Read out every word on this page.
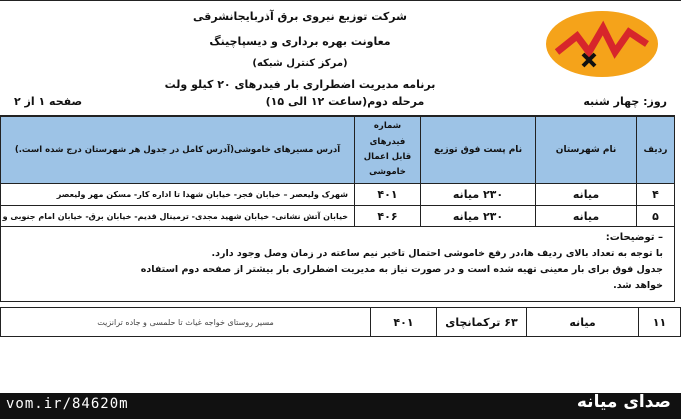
شرکت توزیع نیروی برق آذربایجانشرقی
معاونت بهره برداری و دیسپاچینگ
(مرکز کنترل شبکه)
برنامه مدیریت اضطراری بار فیدرهای ۲۰ کیلو ولت
روز: چهار شنبه
مرحله دوم(ساعت ۱۲ الی ۱۵)
صفحه ۱ از ۲
ردیف
نام شهرستان
نام پست فوق توزیع
شماره فیدرهای
قابل اعمال
خاموشی
آدرس مسیرهای خاموشی(آدرس کامل در جدول هر شهرستان درج شده است.)
۴
میانه
۲۳۰ میانه
۴۰۱
شهرک ولیعصر – خیابان فجر- خیابان شهدا تا اداره کار- مسکن مهر ولیعصر
۵
میانه
۲۳۰ میانه
۴۰۶
خیابان آتش نشانی- خیابان شهید مجدی- ترمینال قدیم- خیابان برق- خیابان امام جنوبی و
– توضیحات:
با توجه به تعداد بالای ردیف ها،در رفع خاموشی احتمال تاخیر نیم ساعته در زمان وصل وجود دارد.
جدول فوق برای بار معینی تهیه شده است و در صورت نیاز به مدیریت اضطراری بار بیشتر از صفحه دوم استفاده
خواهد شد.
۱۱
میانه
۶۳ ترکمانچای
۴۰۱
مسیر روستای خواجه غیاث تا حلمسی و جاده ترانزیت
vom.ir/84620m	صدای میانه
